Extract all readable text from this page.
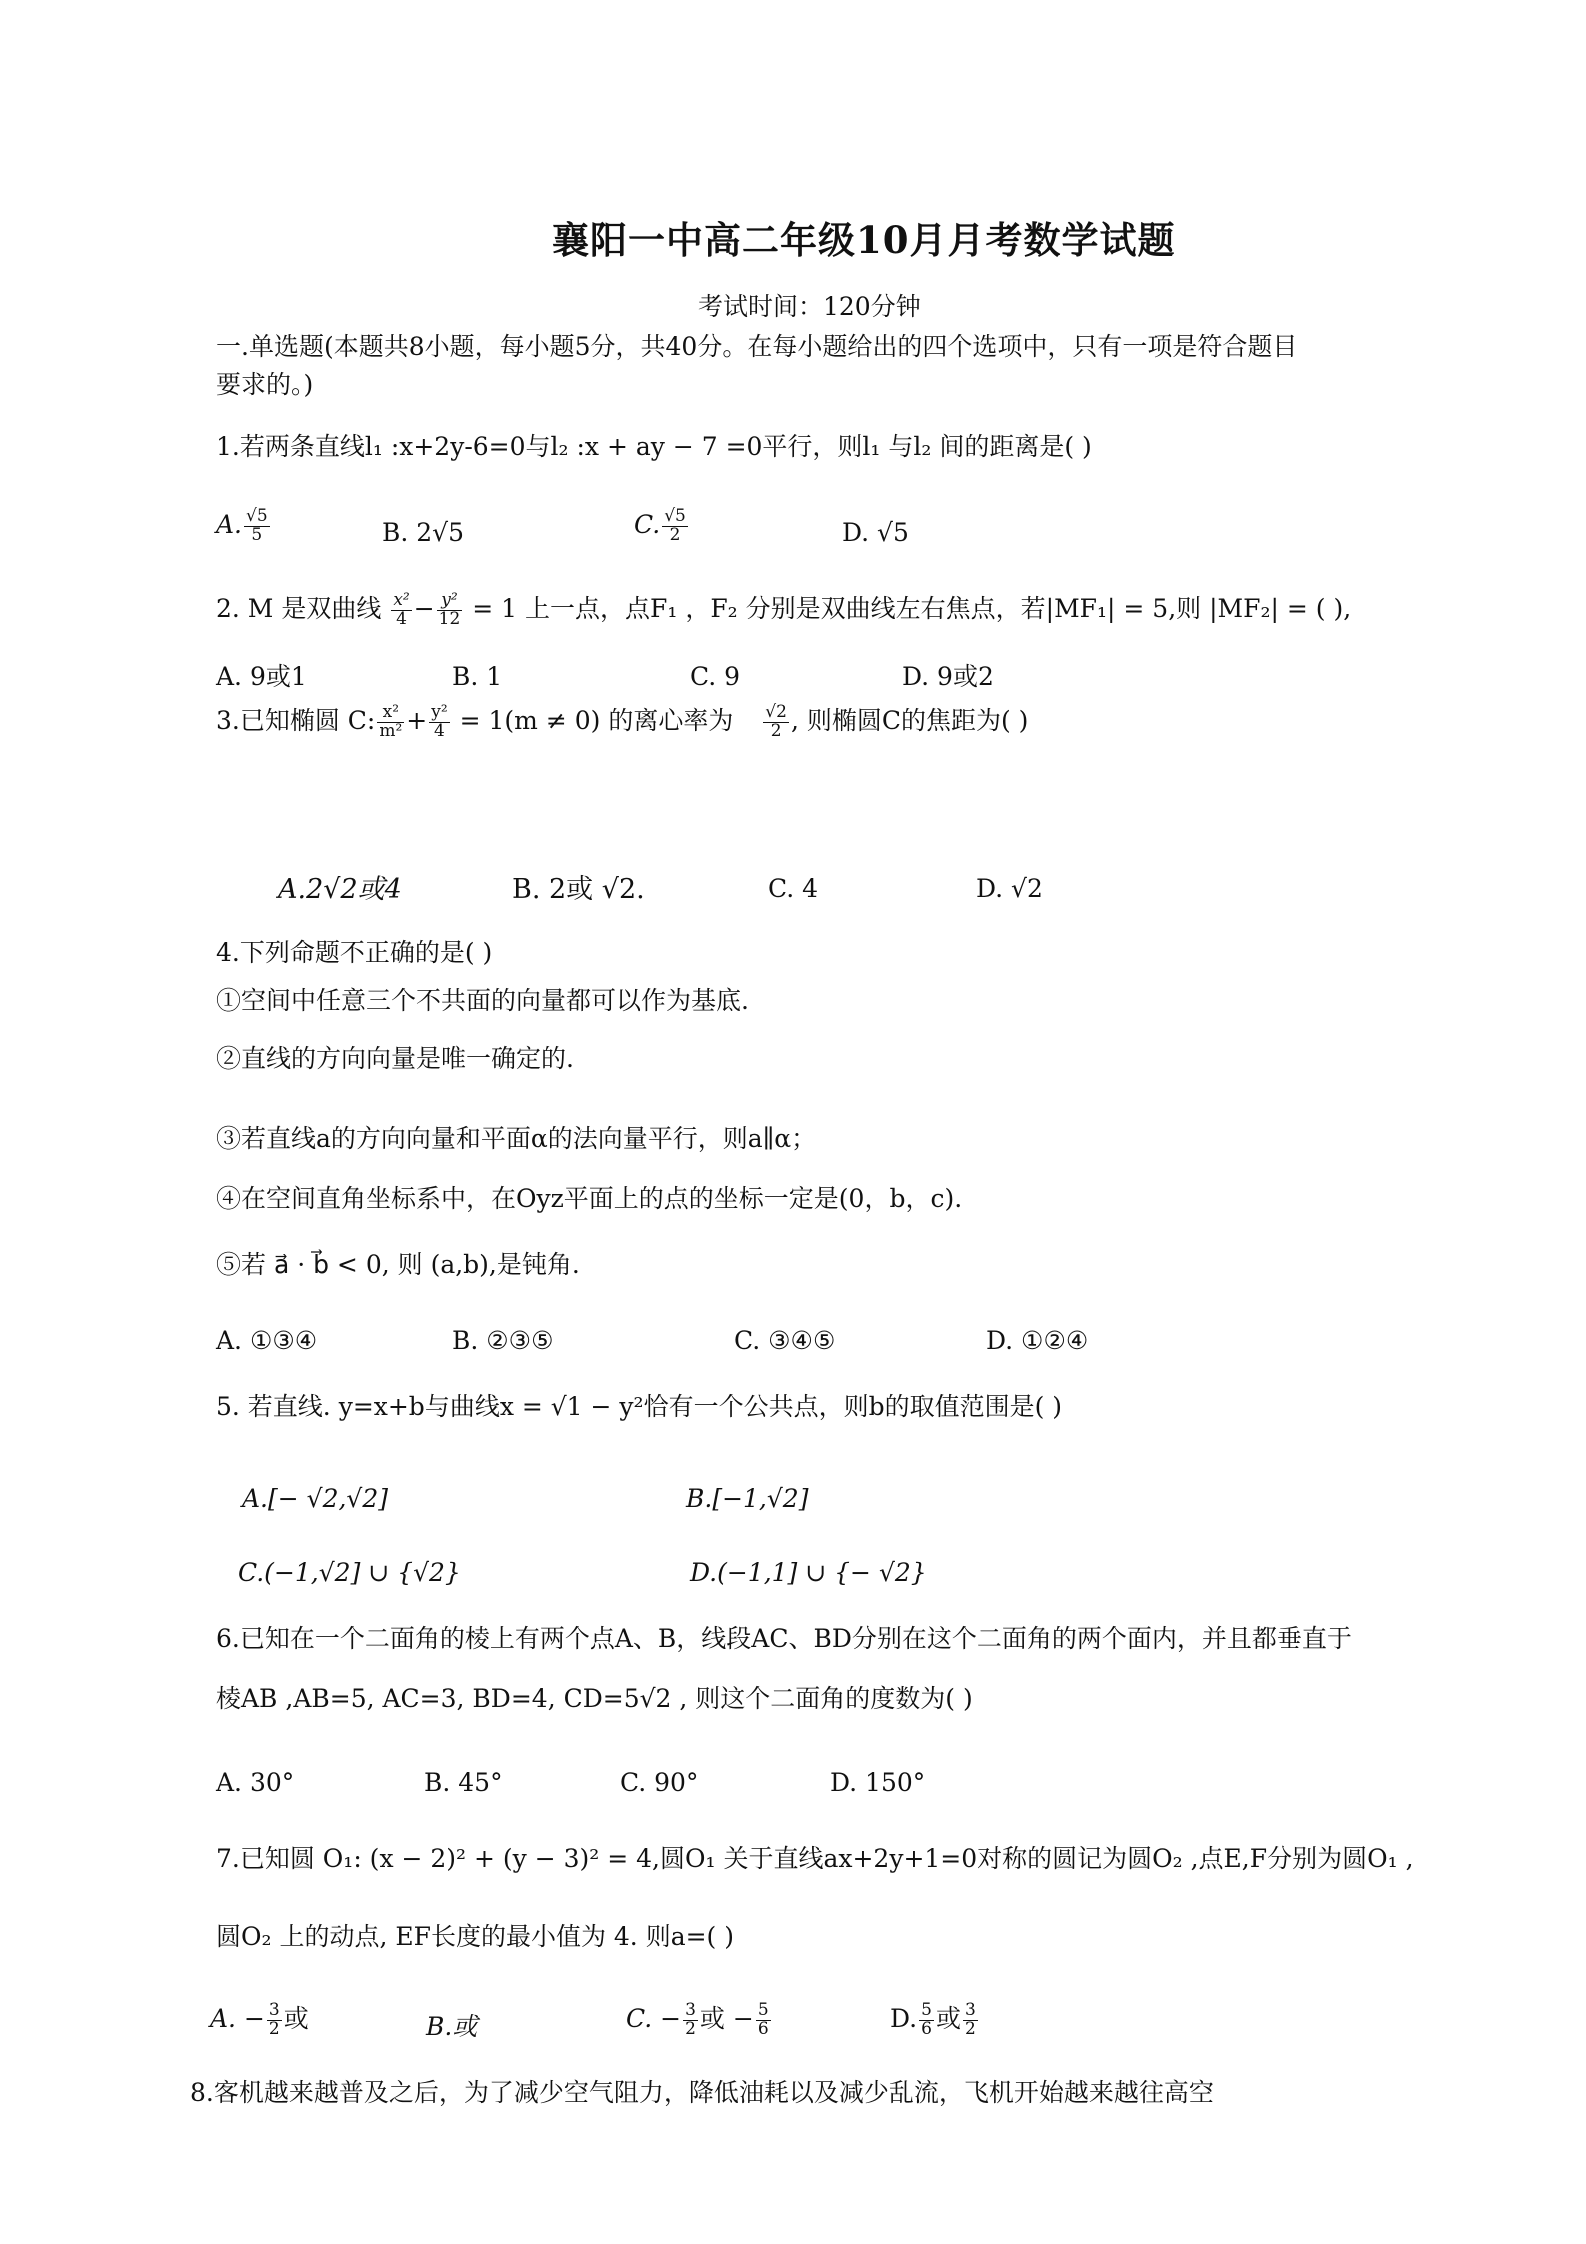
襄阳一中高二年级10月月考数学试题
考试时间：120分钟
一.单选题(本题共8小题，每小题5分，共40分。在每小题给出的四个选项中，只有一项是符合题目
要求的。)
1.若两条直线l₁ :x+2y-6=0与l₂ :x + ay − 7 =0平行，则l₁ 与l₂ 间的距离是( )
A. $\frac{√5}{5}$	B. 2√5	C. $\frac{√5}{2}$	D. √5
2. M 是双曲线 $\frac{\text{x²}}{4} - \frac{\text{y²}}{12} = 1$ 上一点，点F₁ ，F₂ 分别是双曲线左右焦点，若|MF₁| = 5,则 |MF₂| = ( ),
A. 9或1	B. 1	C. 9	D. 9或2
3.已知椭圆 C: $\frac{\text{x²}}{\text{m²}} + \frac{\text{y²}}{4} = 1(m \ne 0)$ 的离心率为 $\frac{√2}{2}$ , 则椭圆C的焦距为( )
A.2√2或4	B. 2或 √2.	C. 4	D. √2
4.下列命题不正确的是( )
①空间中任意三个不共面的向量都可以作为基底.
②直线的方向向量是唯一确定的.
③若直线a的方向向量和平面α的法向量平行，则a∥α；
④在空间直角坐标系中，在Oyz平面上的点的坐标一定是(0，b，c).
⑤若 a⃗ · b⃗ < 0, 则 (a,b),是钝角.
A. ①③④	B. ②③⑤	C. ③④⑤	D. ①②④
5. 若直线. y=x+b与曲线x = √1 − y²恰有一个公共点，则b的取值范围是( )
A.[− √2,√2]	B.[−1,√2]
C.(−1,√2] ∪ {√2}	D.(−1,1] ∪ {− √2}
6.已知在一个二面角的棱上有两个点A、B，线段AC、BD分别在这个二面角的两个面内，并且都垂直于
棱AB ,AB=5, AC=3, BD=4, CD=5√2 , 则这个二面角的度数为( )
A. 30°	B. 45°	C. 90°	D. 150°
7.已知圆 O₁: (x − 2)² + (y − 3)² = 4,圆O₁ 关于直线ax+2y+1=0对称的圆记为圆O₂ ,点E,F分别为圆O₁ ,
圆O₂ 上的动点, EF长度的最小值为 4. 则a=( )
A. − $\frac{3}{2}$ 或	B.或	C. − $\frac{3}{2}$ 或 − $\frac{5}{6}$	D. $\frac{5}{6}$ 或 $\frac{3}{2}$
8.客机越来越普及之后，为了减少空气阻力，降低油耗以及减少乱流，飞机开始越来越往高空
